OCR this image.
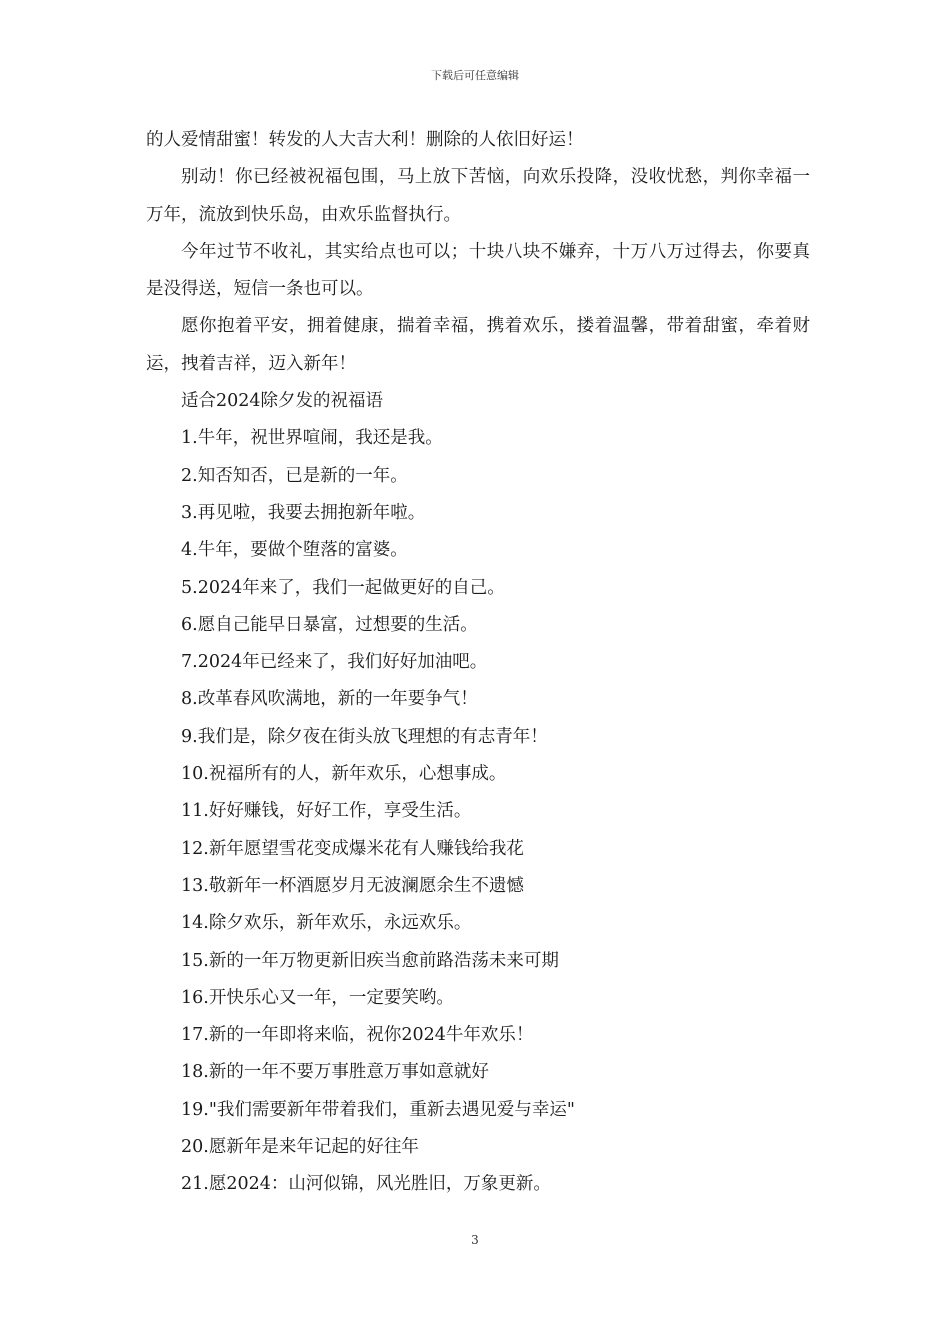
下载后可任意编辑

的人爱情甜蜜！转发的人大吉大利！删除的人依旧好运！

别动！你已经被祝福包围，马上放下苦恼，向欢乐投降，没收忧愁，判你幸福一万年，流放到快乐岛，由欢乐监督执行。

今年过节不收礼，其实给点也可以；十块八块不嫌弃，十万八万过得去，你要真是没得送，短信一条也可以。

愿你抱着平安，拥着健康，揣着幸福，携着欢乐，搂着温馨，带着甜蜜，牵着财运，拽着吉祥，迈入新年！

适合2024除夕发的祝福语

1.牛年，祝世界喧闹，我还是我。

2.知否知否，已是新的一年。

3.再见啦，我要去拥抱新年啦。

4.牛年，要做个堕落的富婆。

5.2024年来了，我们一起做更好的自己。

6.愿自己能早日暴富，过想要的生活。

7.2024年已经来了，我们好好加油吧。

8.改革春风吹满地，新的一年要争气！

9.我们是，除夕夜在街头放飞理想的有志青年！

10.祝福所有的人，新年欢乐，心想事成。

11.好好赚钱，好好工作，享受生活。

12.新年愿望雪花变成爆米花有人赚钱给我花

13.敬新年一杯酒愿岁月无波澜愿余生不遗憾

14.除夕欢乐，新年欢乐，永远欢乐。

15.新的一年万物更新旧疾当愈前路浩荡未来可期

16.开快乐心又一年，一定要笑哟。

17.新的一年即将来临，祝你2024牛年欢乐！

18.新的一年不要万事胜意万事如意就好

19."我们需要新年带着我们，重新去遇见爱与幸运"

20.愿新年是来年记起的好往年

21.愿2024：山河似锦，风光胜旧，万象更新。

3
